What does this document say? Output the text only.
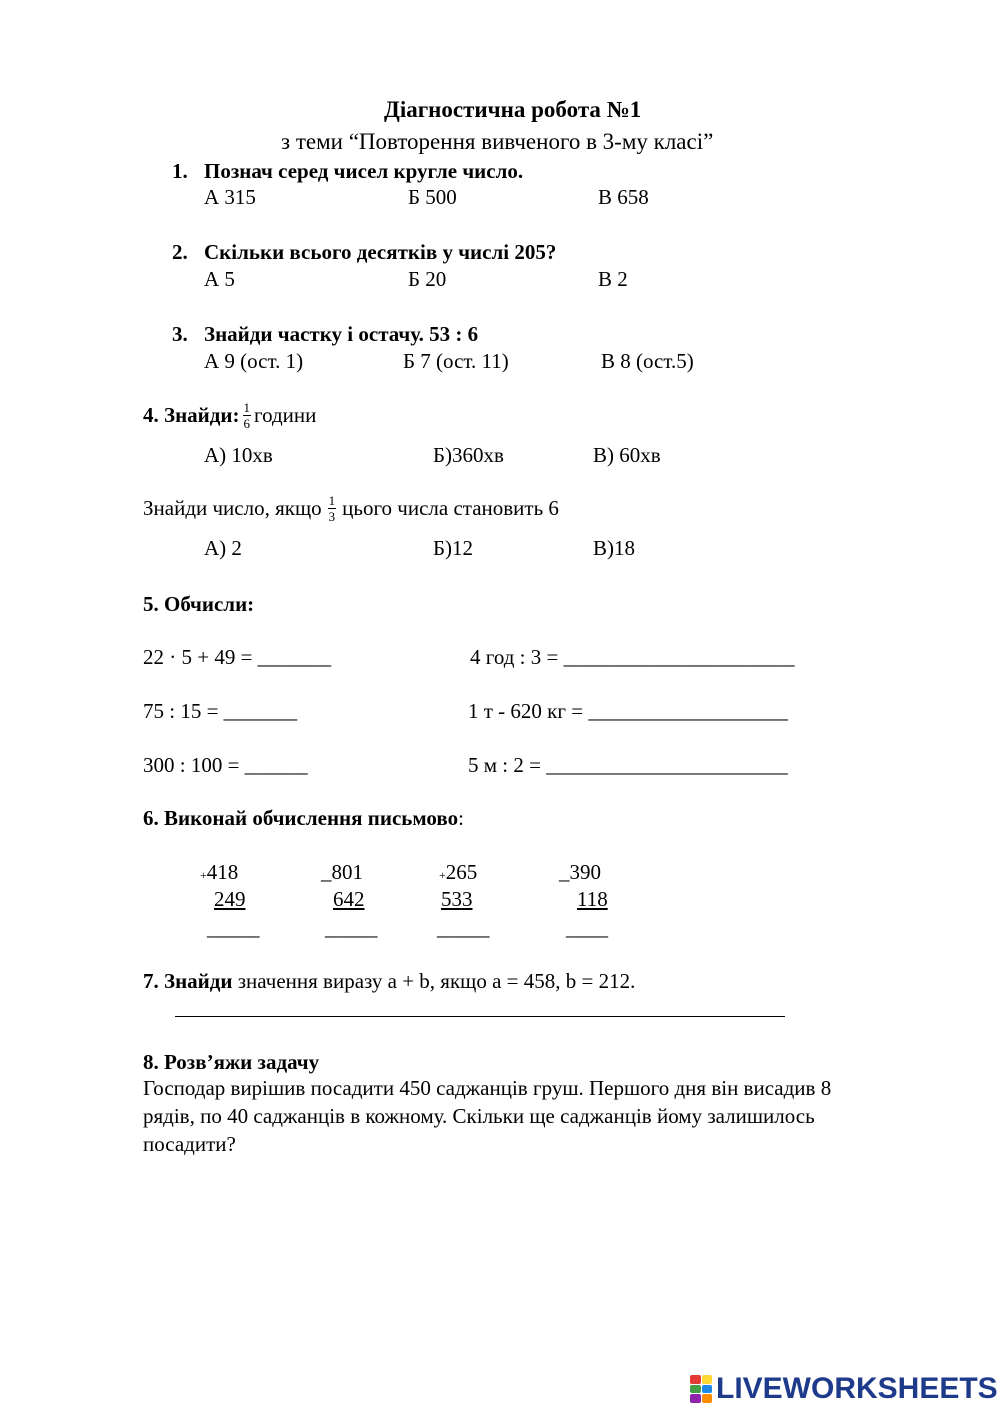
Діагностична робота №1
з теми “Повторення вивченого в 3-му класі”
1. Познач серед чисел кругле число.
А 315	Б 500	В 658
2. Скільки всього десятків у числі 205?
А 5	Б 20	В 2
3. Знайди частку і остачу. 53 : 6
А 9 (ост. 1)	Б 7 (ост. 11)	В 8 (ост.5)
4. Знайди: $\frac{1}{6}$ години
А) 10хв	Б)360хв	В) 60хв
Знайди число, якщо $\frac{1}{3}$ цього числа становить 6
А) 2	Б)12	В)18
5. Обчисли:
22 · 5 + 49 = _______	4 год : 3 = ______________________
75 : 15 = _______	1 т - 620 кг = ___________________
300 : 100 = ______	5 м : 2 = _______________________
6. Виконай обчислення письмово:
+418
249
_____
_801
642
_____
+265
533
_____
_390
118
____
7. Знайди значення виразу a + b, якщо a = 458, b = 212.
8. Розв’яжи задачу
Господар вирішив посадити 450 саджанців груш. Першого дня він висадив 8
рядів, по 40 саджанців в кожному. Скільки ще саджанців йому залишилось
посадити?
LIVEWORKSHEETS
